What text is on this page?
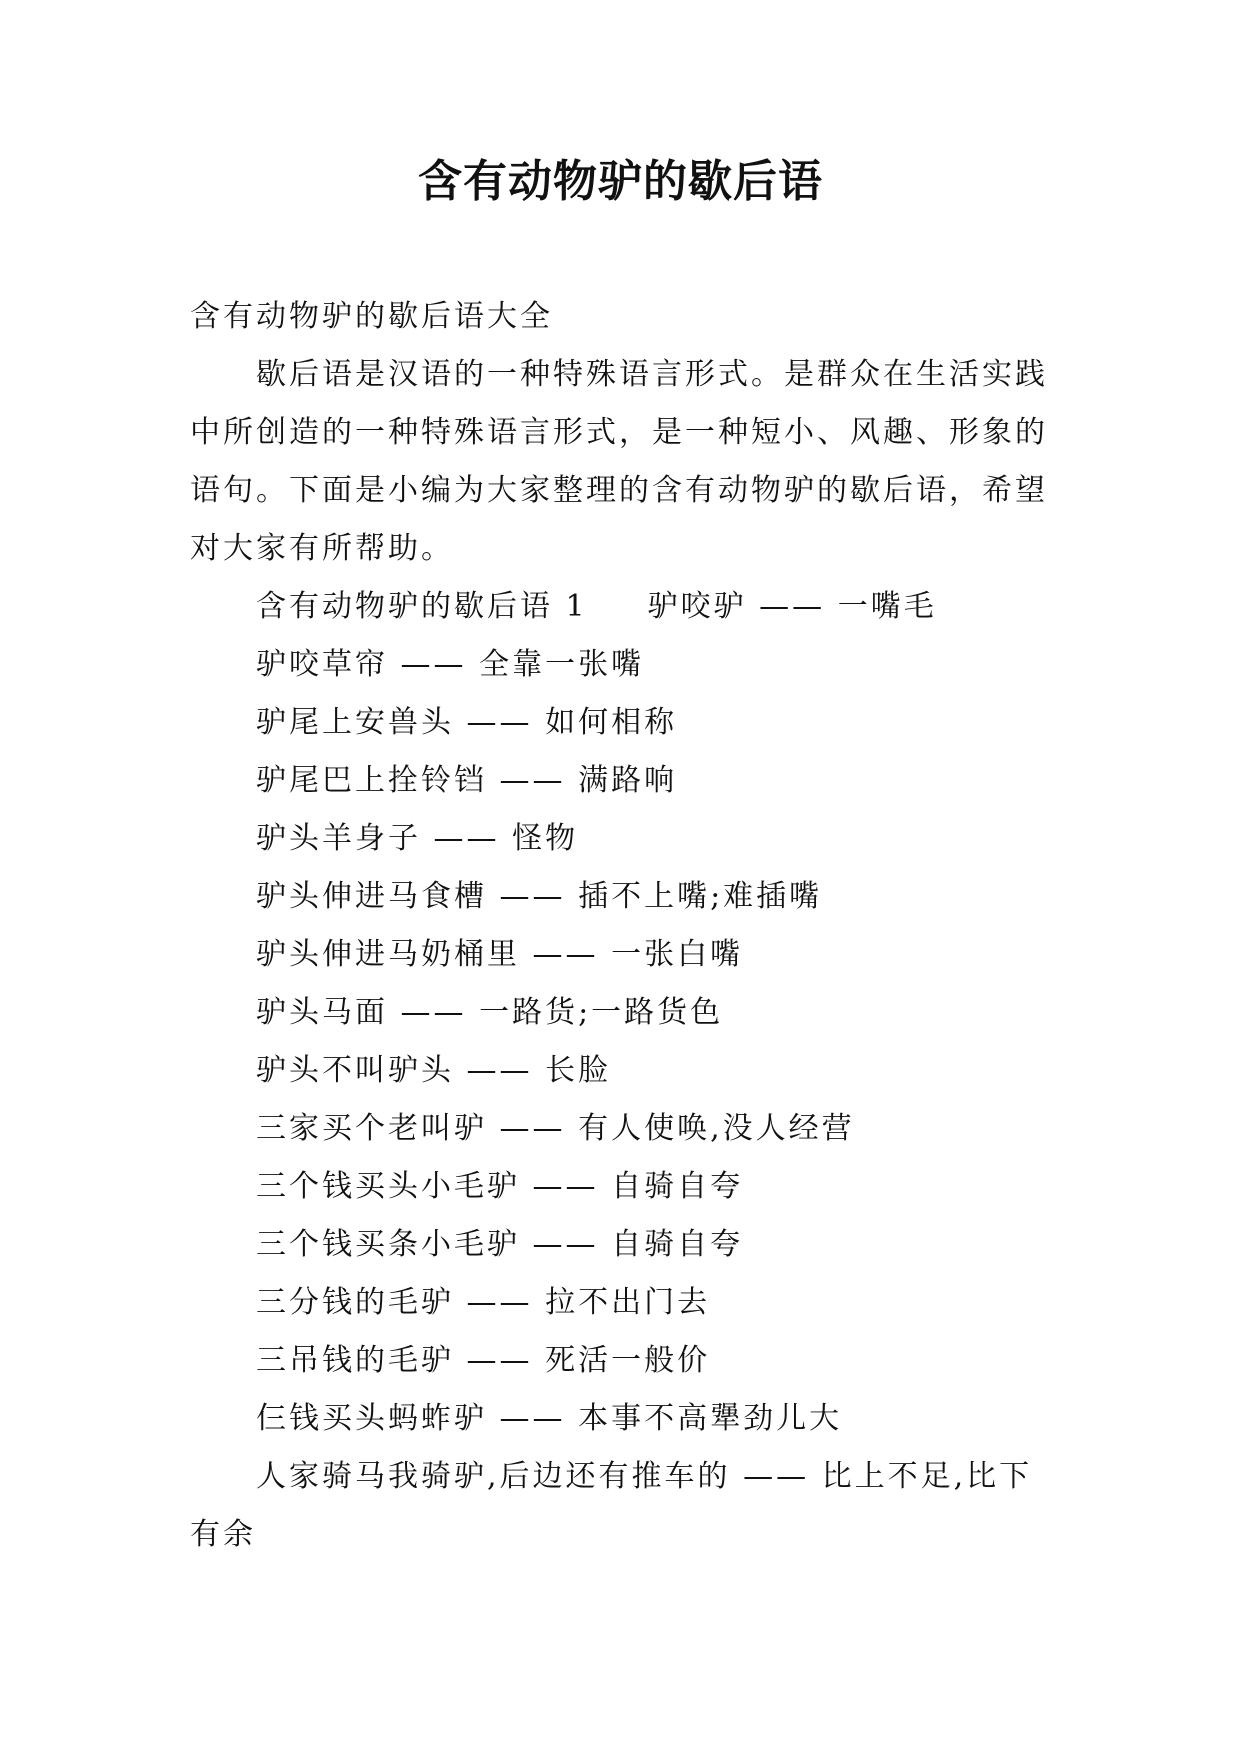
含有动物驴的歇后语

含有动物驴的歇后语大全

歇后语是汉语的一种特殊语言形式。是群众在生活实践中所创造的一种特殊语言形式，是一种短小、风趣、形象的语句。下面是小编为大家整理的含有动物驴的歇后语，希望对大家有所帮助。

含有动物驴的歇后语 1 驴咬驴 —— 一嘴毛

驴咬草帘 —— 全靠一张嘴

驴尾上安兽头 —— 如何相称

驴尾巴上拴铃铛 —— 满路响

驴头羊身子 —— 怪物

驴头伸进马食槽 —— 插不上嘴;难插嘴

驴头伸进马奶桶里 —— 一张白嘴

驴头马面 —— 一路货;一路货色

驴头不叫驴头 —— 长脸

三家买个老叫驴 —— 有人使唤,没人经营

三个钱买头小毛驴 —— 自骑自夸

三个钱买条小毛驴 —— 自骑自夸

三分钱的毛驴 —— 拉不出门去

三吊钱的毛驴 —— 死活一般价

仨钱买头蚂蚱驴 —— 本事不高犟劲儿大

人家骑马我骑驴,后边还有推车的 —— 比上不足,比下有余
